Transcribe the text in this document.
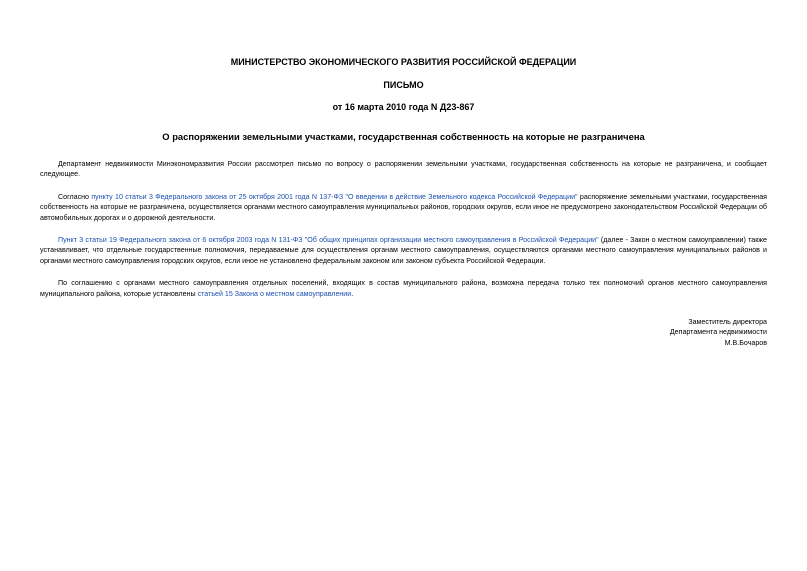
МИНИСТЕРСТВО ЭКОНОМИЧЕСКОГО РАЗВИТИЯ РОССИЙСКОЙ ФЕДЕРАЦИИ

ПИСЬМО

от 16 марта 2010 года N Д23-867

О распоряжении земельными участками, государственная собственность на которые не разграничена

Департамент недвижимости Минэкономразвития России рассмотрел письмо по вопросу о распоряжении земельными участками, государственная собственность на которые не разграничена, и сообщает следующее.

Согласно пункту 10 статьи 3 Федерального закона от 25 октября 2001 года N 137-ФЗ "О введении в действие Земельного кодекса Российской Федерации" распоряжение земельными участками, государственная собственность на которые не разграничена, осуществляется органами местного самоуправления муниципальных районов, городских округов, если иное не предусмотрено законодательством Российской Федерации об автомобильных дорогах и о дорожной деятельности.

Пункт 3 статьи 19 Федерального закона от 6 октября 2003 года N 131-ФЗ "Об общих принципах организации местного самоуправления в Российской Федерации" (далее - Закон о местном самоуправлении) также устанавливает, что отдельные государственные полномочия, передаваемые для осуществления органам местного самоуправления, осуществляются органами местного самоуправления муниципальных районов и органами местного самоуправления городских округов, если иное не установлено федеральным законом или законом субъекта Российской Федерации.

По соглашению с органами местного самоуправления отдельных поселений, входящих в состав муниципального района, возможна передача только тех полномочий органов местного самоуправления муниципального района, которые установлены статьей 15 Закона о местном самоуправлении.

Заместитель директора
Департамента недвижимости
М.В.Бочаров
